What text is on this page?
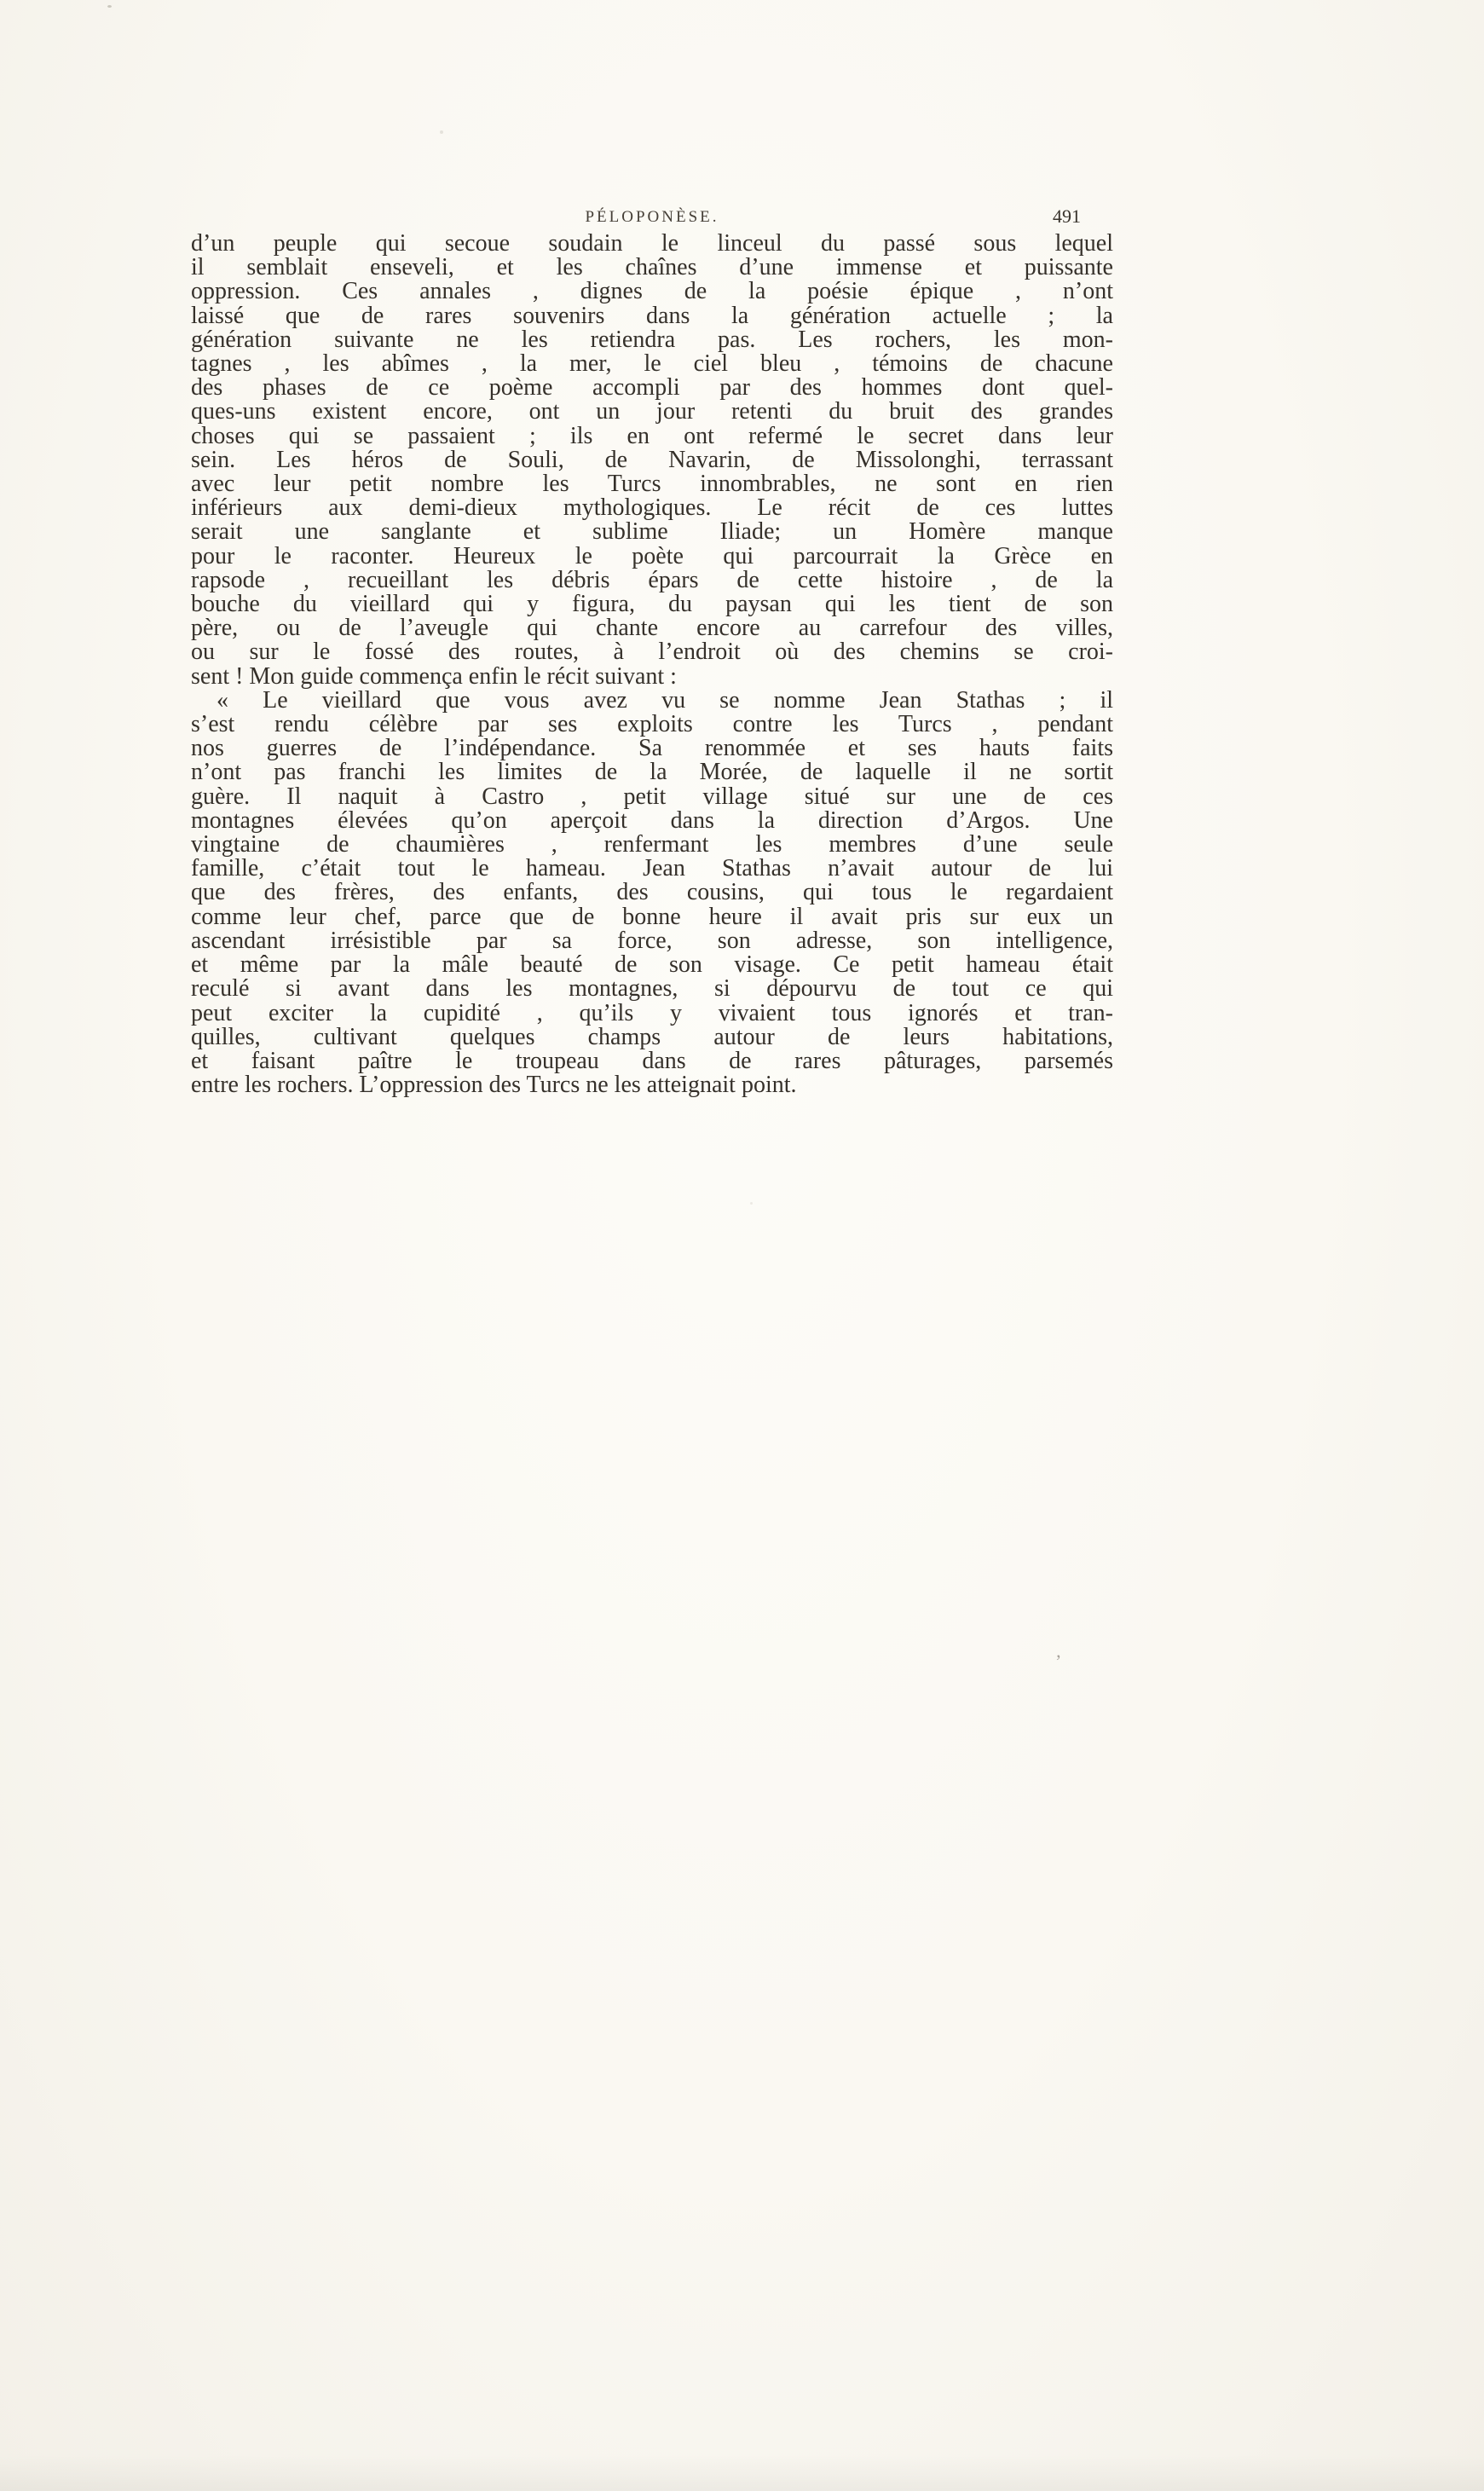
PÉLOPONÈSE.	491
d’un peuple qui secoue soudain le linceul du passé sous lequel
il semblait enseveli, et les chaînes d’une immense et puissante
oppression. Ces annales , dignes de la poésie épique , n’ont
laissé que de rares souvenirs dans la génération actuelle ; la
génération suivante ne les retiendra pas. Les rochers, les mon-
tagnes , les abîmes , la mer, le ciel bleu , témoins de chacune
des phases de ce poème accompli par des hommes dont quel-
ques-uns existent encore, ont un jour retenti du bruit des grandes
choses qui se passaient ; ils en ont refermé le secret dans leur
sein. Les héros de Souli, de Navarin, de Missolonghi, terrassant
avec leur petit nombre les Turcs innombrables, ne sont en rien
inférieurs aux demi-dieux mythologiques. Le récit de ces luttes
serait une sanglante et sublime Iliade; un Homère manque
pour le raconter. Heureux le poète qui parcourrait la Grèce en
rapsode , recueillant les débris épars de cette histoire , de la
bouche du vieillard qui y figura, du paysan qui les tient de son
père, ou de l’aveugle qui chante encore au carrefour des villes,
ou sur le fossé des routes, à l’endroit où des chemins se croi-
sent ! Mon guide commença enfin le récit suivant :
« Le vieillard que vous avez vu se nomme Jean Stathas ; il
s’est rendu célèbre par ses exploits contre les Turcs , pendant
nos guerres de l’indépendance. Sa renommée et ses hauts faits
n’ont pas franchi les limites de la Morée, de laquelle il ne sortit
guère. Il naquit à Castro , petit village situé sur une de ces
montagnes élevées qu’on aperçoit dans la direction d’Argos. Une
vingtaine de chaumières , renfermant les membres d’une seule
famille, c’était tout le hameau. Jean Stathas n’avait autour de lui
que des frères, des enfants, des cousins, qui tous le regardaient
comme leur chef, parce que de bonne heure il avait pris sur eux un
ascendant irrésistible par sa force, son adresse, son intelligence,
et même par la mâle beauté de son visage. Ce petit hameau était
reculé si avant dans les montagnes, si dépourvu de tout ce qui
peut exciter la cupidité , qu’ils y vivaient tous ignorés et tran-
quilles, cultivant quelques champs autour de leurs habitations,
et faisant paître le troupeau dans de rares pâturages, parsemés
entre les rochers. L’oppression des Turcs ne les atteignait point.
’
